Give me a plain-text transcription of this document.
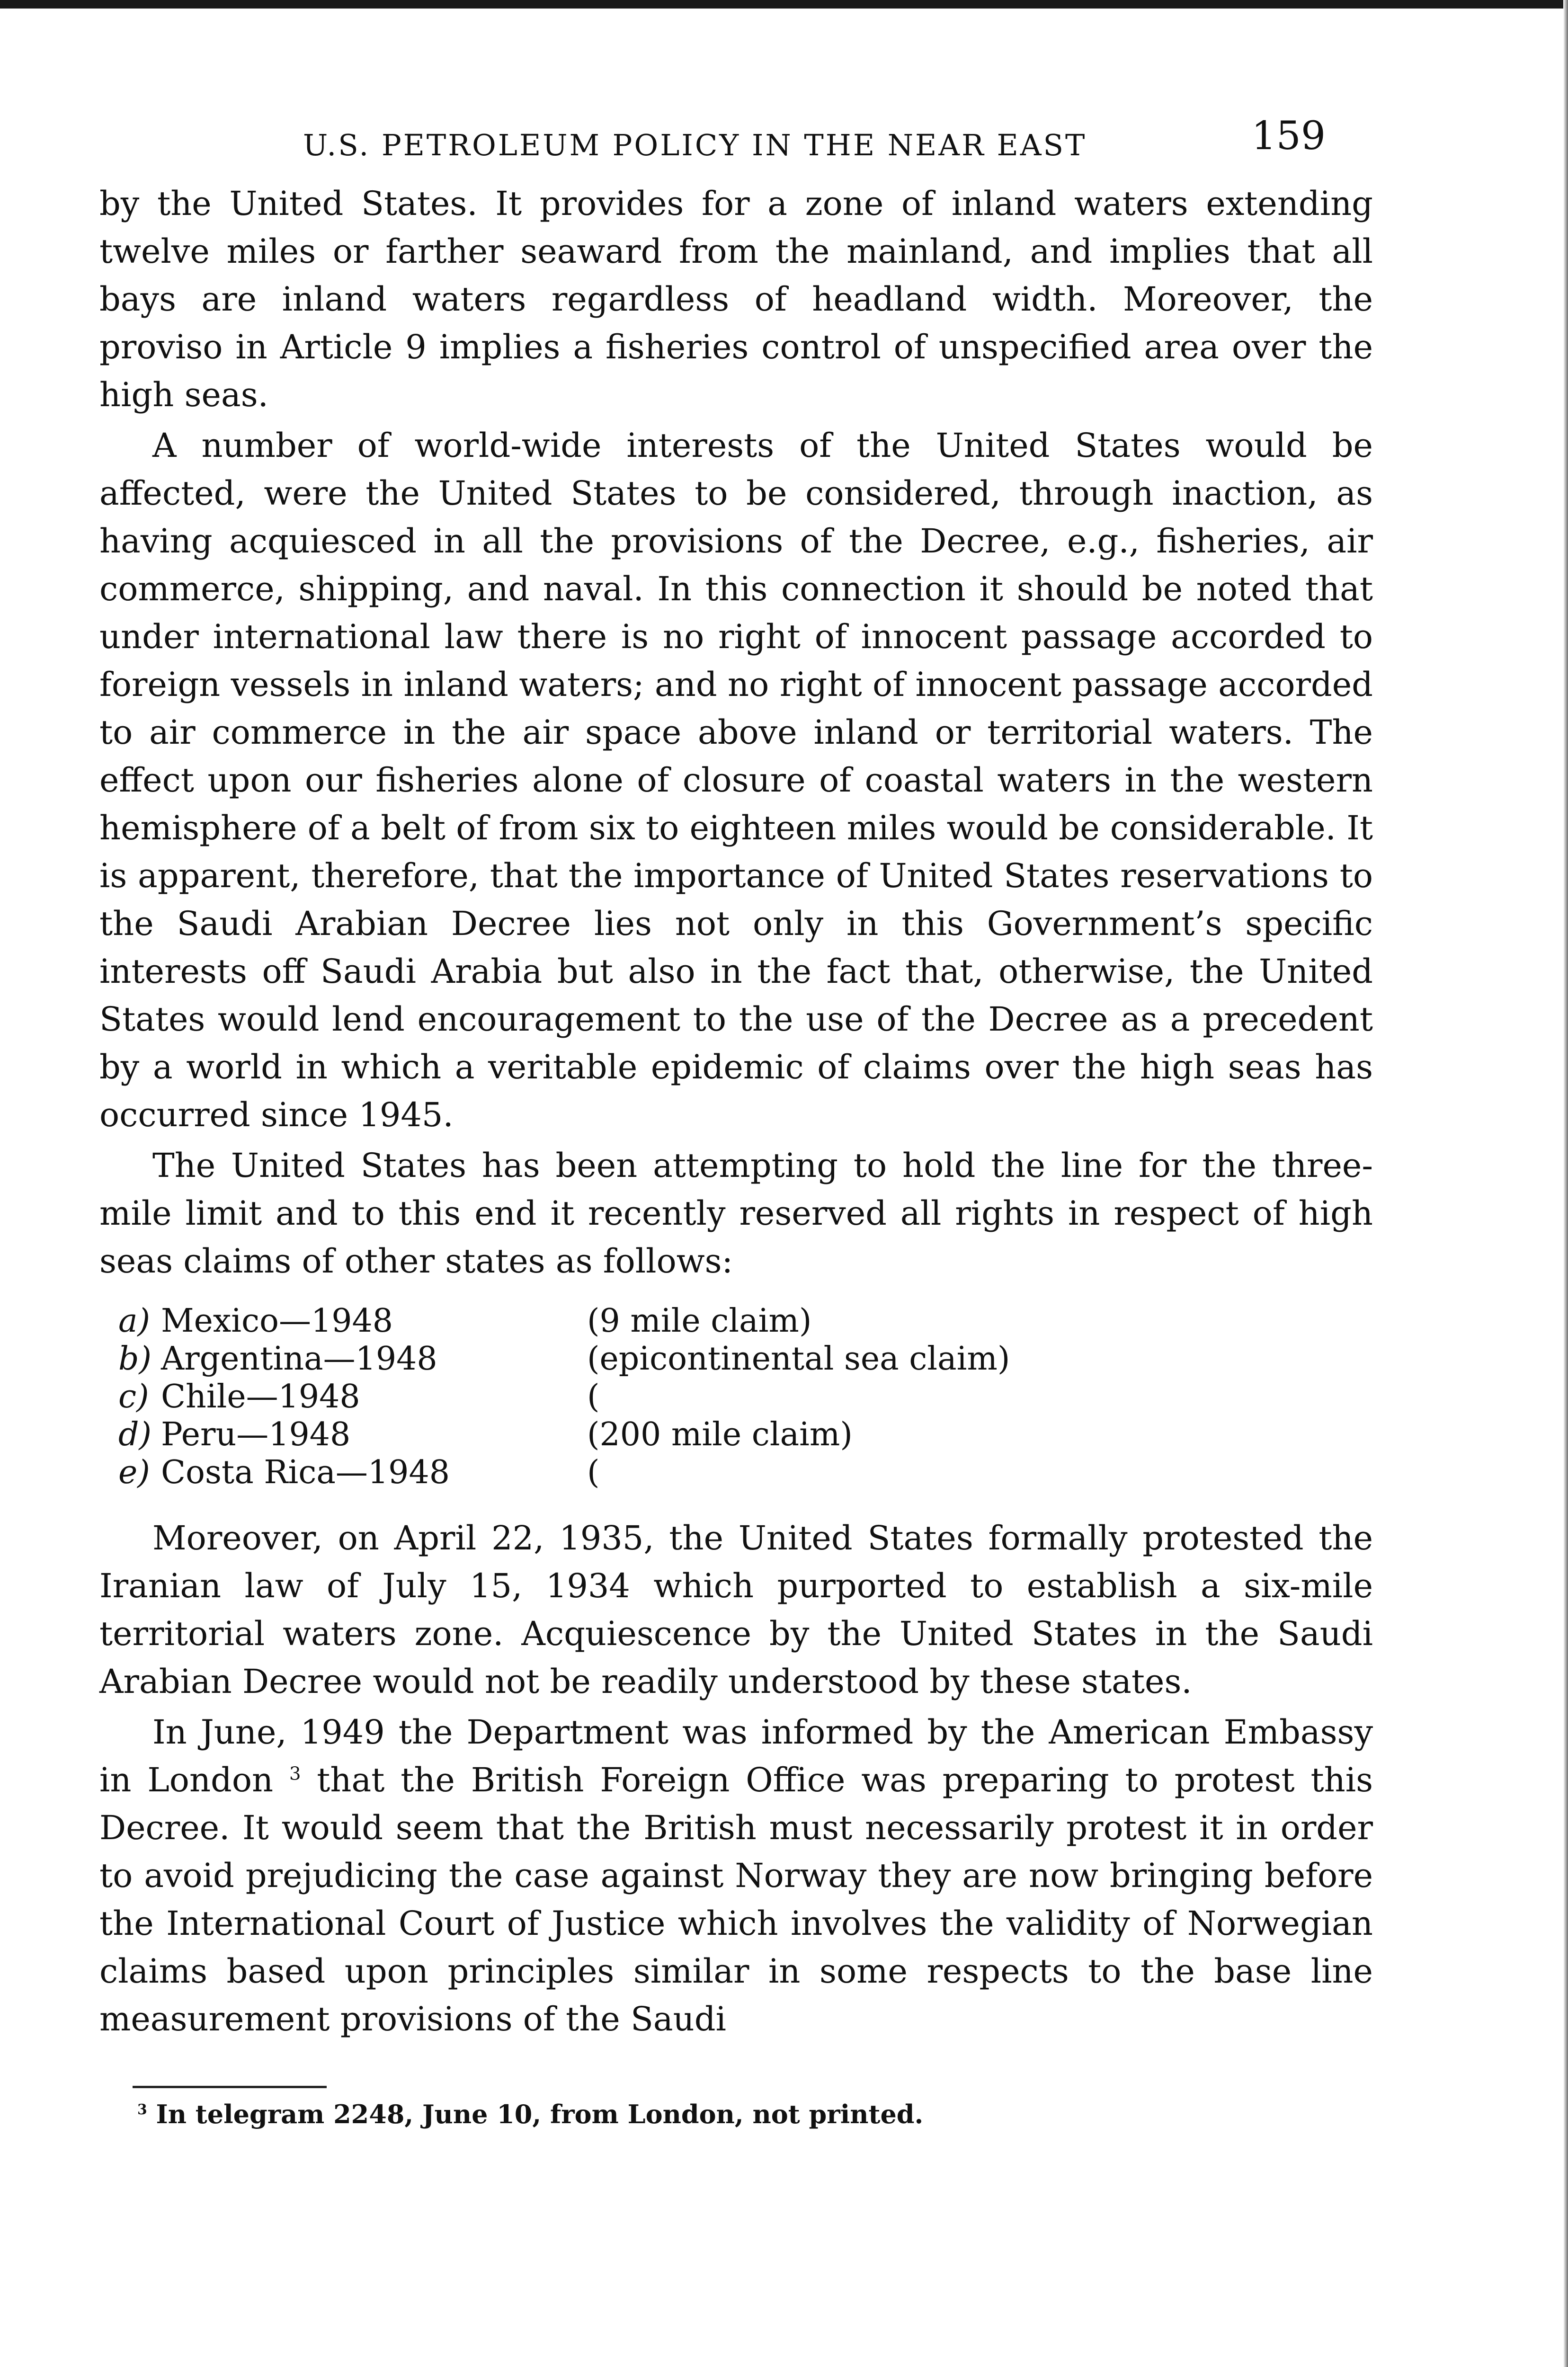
U.S. PETROLEUM POLICY IN THE NEAR EAST	159

by the United States. It provides for a zone of inland waters extending twelve miles or farther seaward from the mainland, and implies that all bays are inland waters regardless of headland width. Moreover, the proviso in Article 9 implies a fisheries control of unspecified area over the high seas.

A number of world-wide interests of the United States would be affected, were the United States to be considered, through inaction, as having acquiesced in all the provisions of the Decree, e.g., fisheries, air commerce, shipping, and naval. In this connection it should be noted that under international law there is no right of innocent passage accorded to foreign vessels in inland waters; and no right of innocent passage accorded to air commerce in the air space above inland or territorial waters. The effect upon our fisheries alone of closure of coastal waters in the western hemisphere of a belt of from six to eighteen miles would be considerable. It is apparent, therefore, that the importance of United States reservations to the Saudi Arabian Decree lies not only in this Government’s specific interests off Saudi Arabia but also in the fact that, otherwise, the United States would lend encouragement to the use of the Decree as a precedent by a world in which a veritable epidemic of claims over the high seas has occurred since 1945.

The United States has been attempting to hold the line for the three-mile limit and to this end it recently reserved all rights in respect of high seas claims of other states as follows:

a) Mexico—1948	(9 mile claim)
b) Argentina—1948	(epicontinental sea claim)
c) Chile—1948	(
d) Peru—1948	(200 mile claim)
e) Costa Rica—1948	(

Moreover, on April 22, 1935, the United States formally protested the Iranian law of July 15, 1934 which purported to establish a six-mile territorial waters zone. Acquiescence by the United States in the Saudi Arabian Decree would not be readily understood by these states.

In June, 1949 the Department was informed by the American Embassy in London $^3$ that the British Foreign Office was preparing to protest this Decree. It would seem that the British must necessarily protest it in order to avoid prejudicing the case against Norway they are now bringing before the International Court of Justice which involves the validity of Norwegian claims based upon principles similar in some respects to the base line measurement provisions of the Saudi

$^3$ In telegram 2248, June 10, from London, not printed.
